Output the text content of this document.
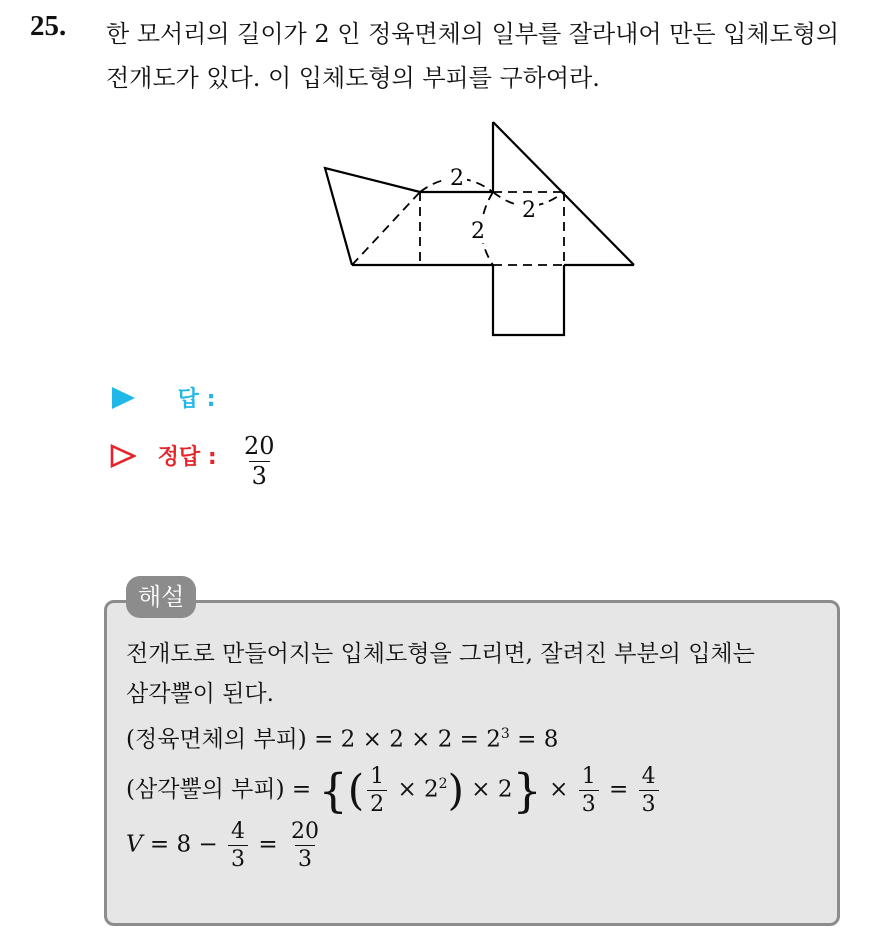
25. 한 모서리의 길이가 2 인 정육면체의 일부를 잘라내어 만든 입체도형의
전개도가 있다. 이 입체도형의 부피를 구하여라.
2
2
2
답 :
정답 : $\frac{20}{3}$
해설
전개도로 만들어지는 입체도형을 그리면, 잘려진 부분의 입체는
삼각뿔이 된다.
(정육면체의 부피) = $2 \times 2 \times 2 = 2^3 = 8$
(삼각뿔의 부피) = {( $\frac{1}{2} \times 2^2) \times 2\} \times \frac{1}{3} = \frac{4}{3}$
$V = 8 - \frac{4}{3} = \frac{20}{3}$
